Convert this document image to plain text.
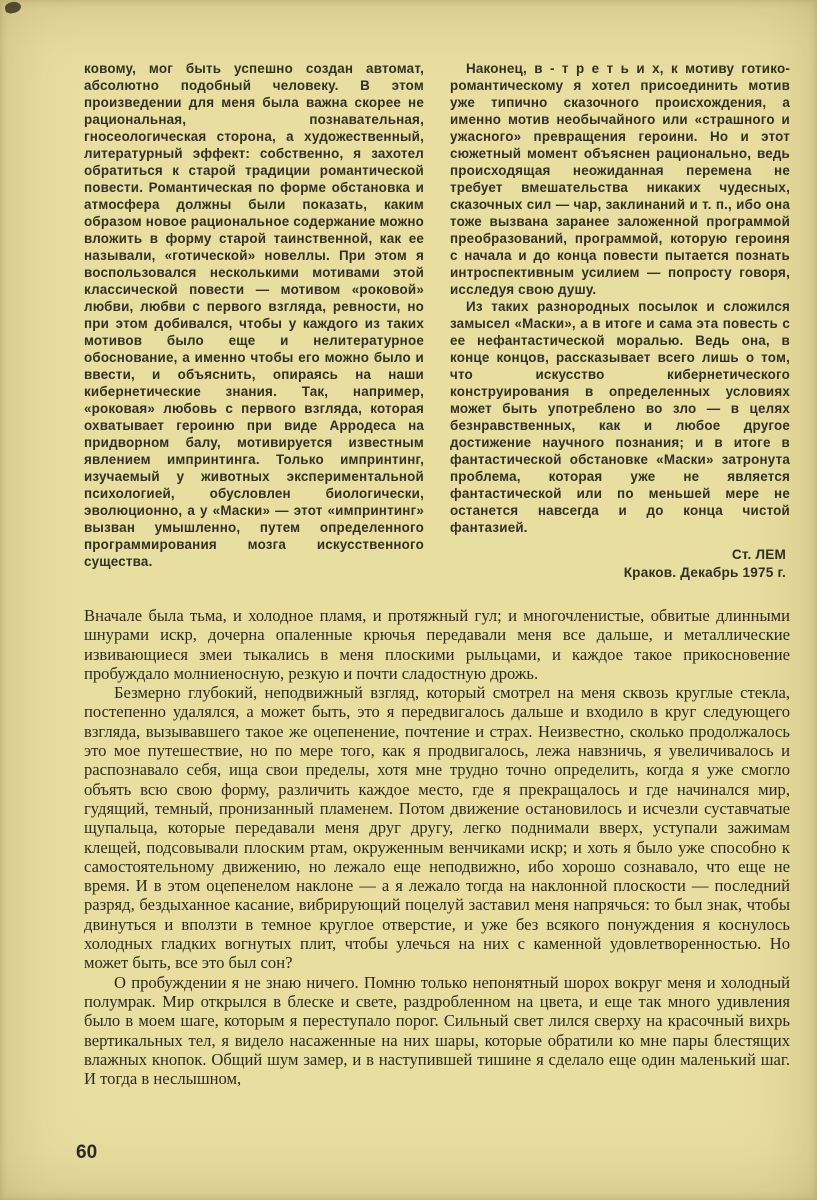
ковому, мог быть успешно создан автомат, абсолютно подобный человеку. В этом произведении для меня была важна скорее не рациональная, познавательная, гносеологическая сторона, а художественный, литературный эффект: собственно, я захотел обратиться к старой традиции романтической повести. Романтическая по форме обстановка и атмосфера должны были показать, каким образом новое рациональное содержание можно вложить в форму старой таинственной, как ее называли, «готической» новеллы. При этом я воспользовался несколькими мотивами этой классической повести — мотивом «роковой» любви, любви с первого взгляда, ревности, но при этом добивался, чтобы у каждого из таких мотивов было еще и нелитературное обоснование, а именно чтобы его можно было и ввести, и объяснить, опираясь на наши кибернетические знания. Так, например, «роковая» любовь с первого взгляда, которая охватывает героиню при виде Арродеса на придворном балу, мотивируется известным явлением импринтинга. Только импринтинг, изучаемый у животных экспериментальной психологией, обусловлен биологически, эволюционно, а у «Маски» — этот «импринтинг» вызван умышленно, путем определенного программирования мозга искусственного существа.

Наконец, в - т р е т ь и х, к мотиву готико-романтическому я хотел присоединить мотив уже типично сказочного происхождения, а именно мотив необычайного или «страшного и ужасного» превращения героини. Но и этот сюжетный момент объяснен рационально, ведь происходящая неожиданная перемена не требует вмешательства никаких чудесных, сказочных сил — чар, заклинаний и т. п., ибо она тоже вызвана заранее заложенной программой преобразований, программой, которую героиня с начала и до конца повести пытается познать интроспективным усилием — попросту говоря, исследуя свою душу.

Из таких разнородных посылок и сложился замысел «Маски», а в итоге и сама эта повесть с ее нефантастической моралью. Ведь она, в конце концов, рассказывает всего лишь о том, что искусство кибернетического конструирования в определенных условиях может быть употреблено во зло — в целях безнравственных, как и любое другое достижение научного познания; и в итоге в фантастической обстановке «Маски» затронута проблема, которая уже не является фантастической или по меньшей мере не останется навсегда и до конца чистой фантазией.

Ст. ЛЕМ
Краков. Декабрь 1975 г.

Вначале была тьма, и холодное пламя, и протяжный гул; и многочленистые, обвитые длинными шнурами искр, дочерна опаленные крючья передавали меня все дальше, и металлические извивающиеся змеи тыкались в меня плоскими рыльцами, и каждое такое прикосновение пробуждало молниеносную, резкую и почти сладостную дрожь.

Безмерно глубокий, неподвижный взгляд, который смотрел на меня сквозь круглые стекла, постепенно удалялся, а может быть, это я передвигалось дальше и входило в круг следующего взгляда, вызывавшего такое же оцепенение, почтение и страх. Неизвестно, сколько продолжалось это мое путешествие, но по мере того, как я продвигалось, лежа навзничь, я увеличивалось и распознавало себя, ища свои пределы, хотя мне трудно точно определить, когда я уже смогло объять всю свою форму, различить каждое место, где я прекращалось и где начинался мир, гудящий, темный, пронизанный пламенем. Потом движение остановилось и исчезли суставчатые щупальца, которые передавали меня друг другу, легко поднимали вверх, уступали зажимам клещей, подсовывали плоским ртам, окруженным венчиками искр; и хоть я было уже способно к самостоятельному движению, но лежало еще неподвижно, ибо хорошо сознавало, что еще не время. И в этом оцепенелом наклоне — а я лежало тогда на наклонной плоскости — последний разряд, бездыханное касание, вибрирующий поцелуй заставил меня напрячься: то был знак, чтобы двинуться и вползти в темное круглое отверстие, и уже без всякого понуждения я коснулось холодных гладких вогнутых плит, чтобы улечься на них с каменной удовлетворенностью. Но может быть, все это был сон?

О пробуждении я не знаю ничего. Помню только непонятный шорох вокруг меня и холодный полумрак. Мир открылся в блеске и свете, раздробленном на цвета, и еще так много удивления было в моем шаге, которым я переступало порог. Сильный свет лился сверху на красочный вихрь вертикальных тел, я видело насаженные на них шары, которые обратили ко мне пары блестящих влажных кнопок. Общий шум замер, и в наступившей тишине я сделало еще один маленький шаг. И тогда в неслышном,

60
